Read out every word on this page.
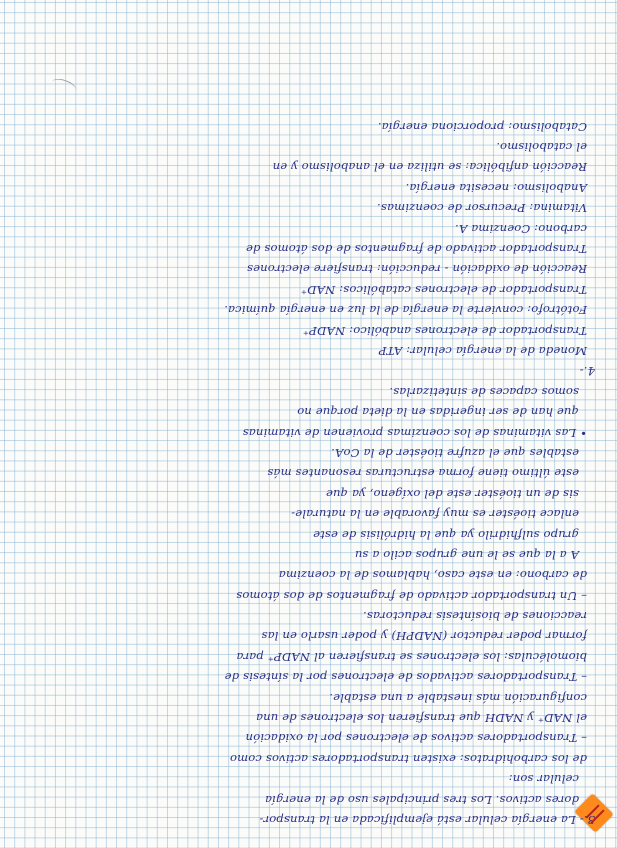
3.- La energía celular está ejemplificada en la transpor-
dores activos. Los tres principales uso de la energía
celular son:
de los carbohidratos: existen transportadores activos como
– Transportadores activos de electrones por la oxidación
el NAD⁺ y NADH que transfieren los electrones de una
configuración más inestable a una estable.
– Transportadores activados de electrones por la síntesis de
biomoléculas: los electrones se transfieren al NADP⁺ para
formar poder reductor (NADPH) y poder usarlo en las
reacciones de biosíntesis reductoras.
– Un transportador activado de fragmentos de dos átomos
de carbono: en este caso, hablamos de la coenzima
A a la que se le une grupos acilo a su
grupo sulfhidrilo ya que la hidrólisis de este
enlace tioéster es muy favorable en la naturale-
sis de un tioéster este del oxígeno, ya que
este último tiene forma estructuras resonantes más
estables que el azufre tioéster de la CoA.
• Las vitaminas de los coenzimas provienen de vitaminas
que han de ser ingeridas en la dieta porque no
somos capaces de sintetizarlas.
4.-
Moneda de la energía celular: ATP
Transportador de electrones anabólico: NADP⁺
Fotótrofo: convierte la energía de la luz en energía química.
Transportador de electrones catabólicos: NAD⁺
Reacción de oxidación - reducción: transfiere electrones
Transportador activado de fragmentos de dos átomos de
carbono: Coenzima A.
Vitamina: Precursor de coenzimas.
Anabolismo: necesita energía.
Reacción anfibólica: se utiliza en el anabolismo y en
el catabolismo.
Catabolismo: proporciona energía.
